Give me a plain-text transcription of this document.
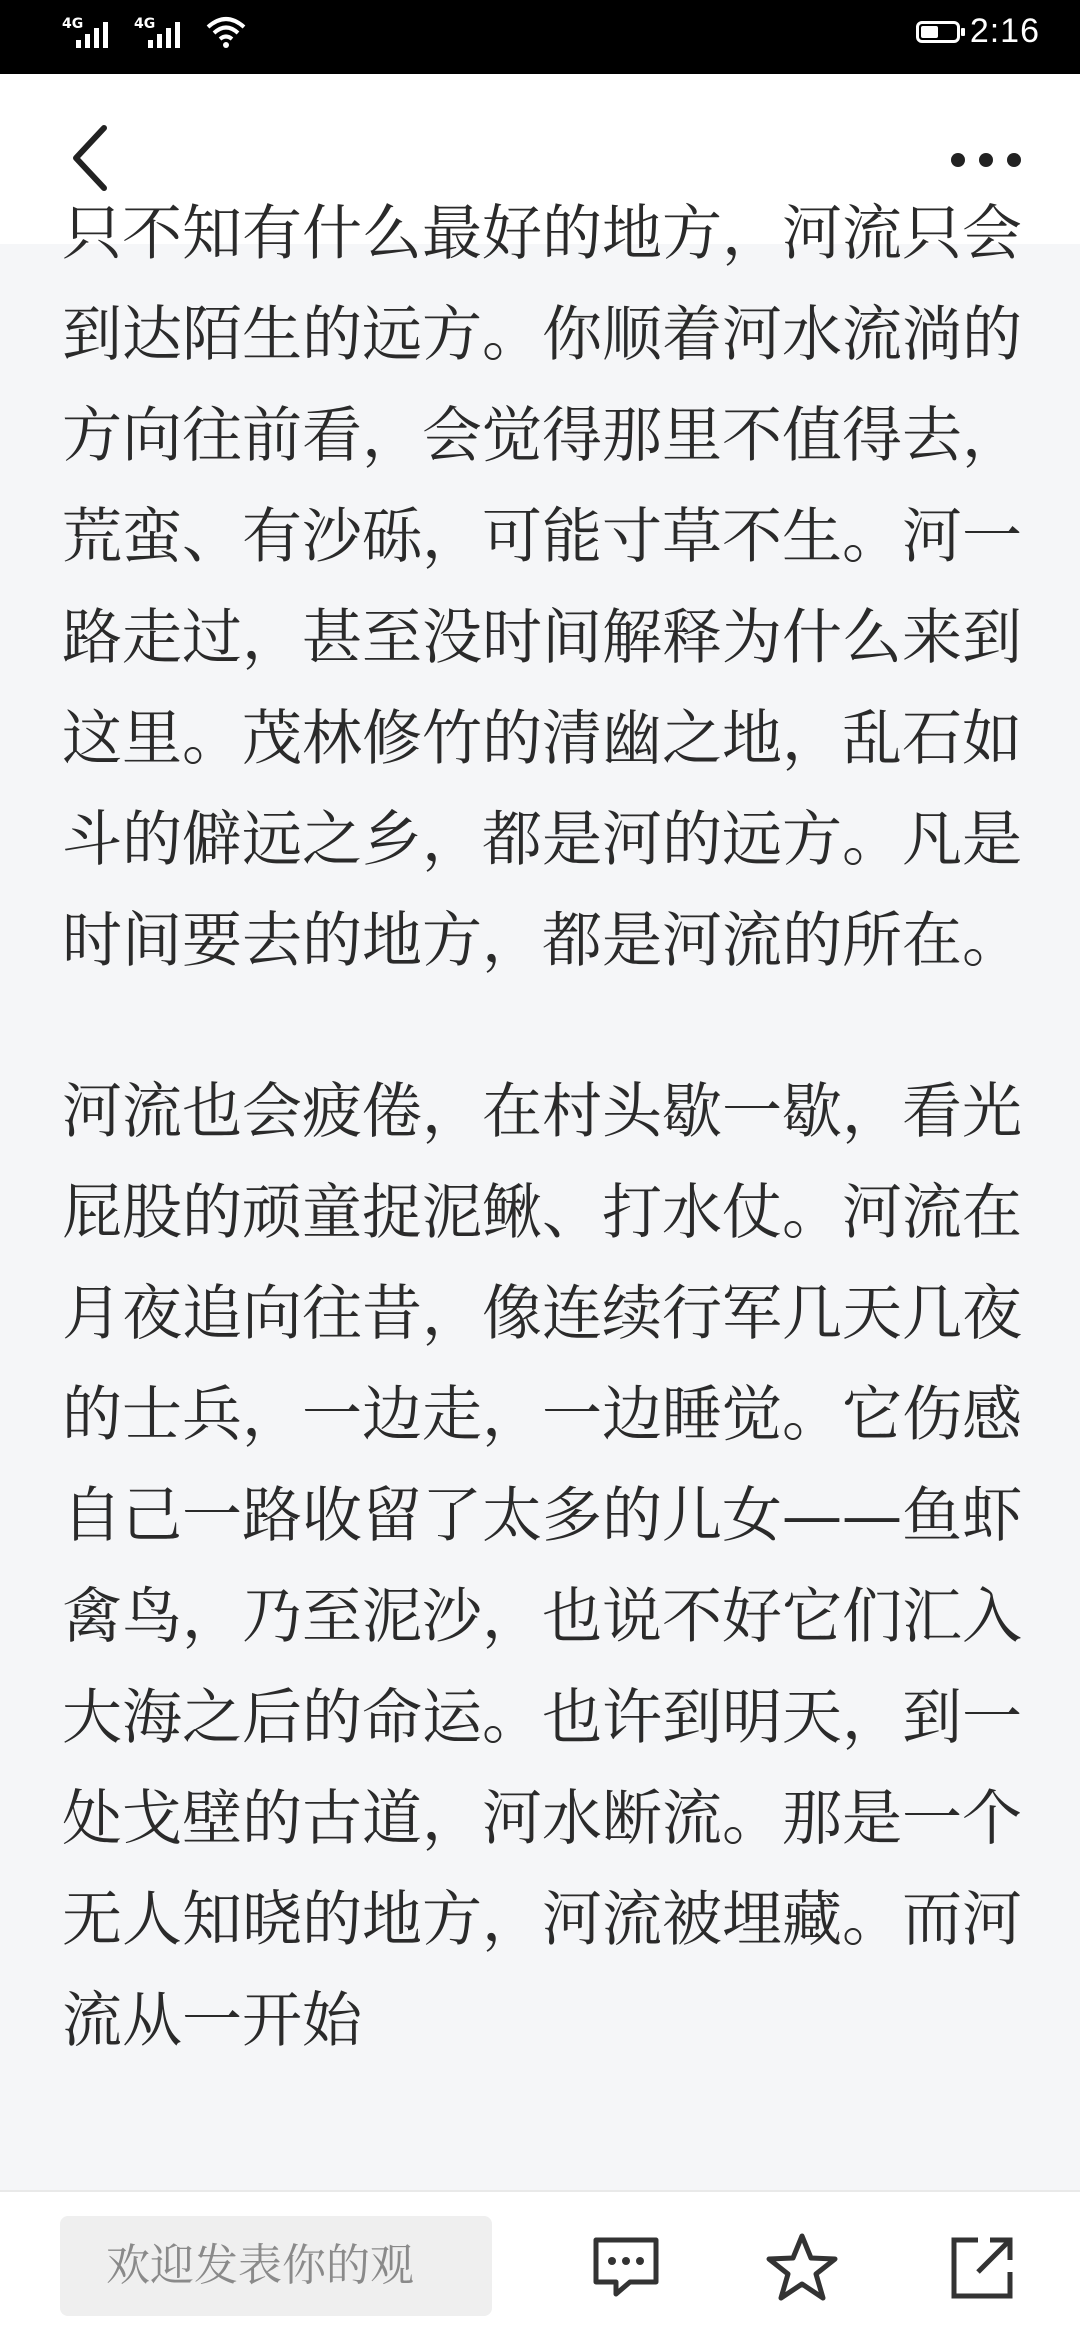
4G	4G	2:16

只不知有什么最好的地方，河流只会到达陌生的远方。你顺着河水流淌的方向往前看，会觉得那里不值得去，荒蛮、有沙砾，可能寸草不生。河一路走过，甚至没时间解释为什么来到这里。茂林修竹的清幽之地，乱石如斗的僻远之乡，都是河的远方。凡是时间要去的地方，都是河流的所在。

河流也会疲倦，在村头歇一歇，看光屁股的顽童捉泥鳅、打水仗。河流在月夜追向往昔，像连续行军几天几夜的士兵，一边走，一边睡觉。它伤感自己一路收留了太多的儿女——鱼虾禽鸟，乃至泥沙，也说不好它们汇入大海之后的命运。也许到明天，到一处戈壁的古道，河水断流。那是一个无人知晓的地方，河流被埋藏。而河流从一开始

欢迎发表你的观
